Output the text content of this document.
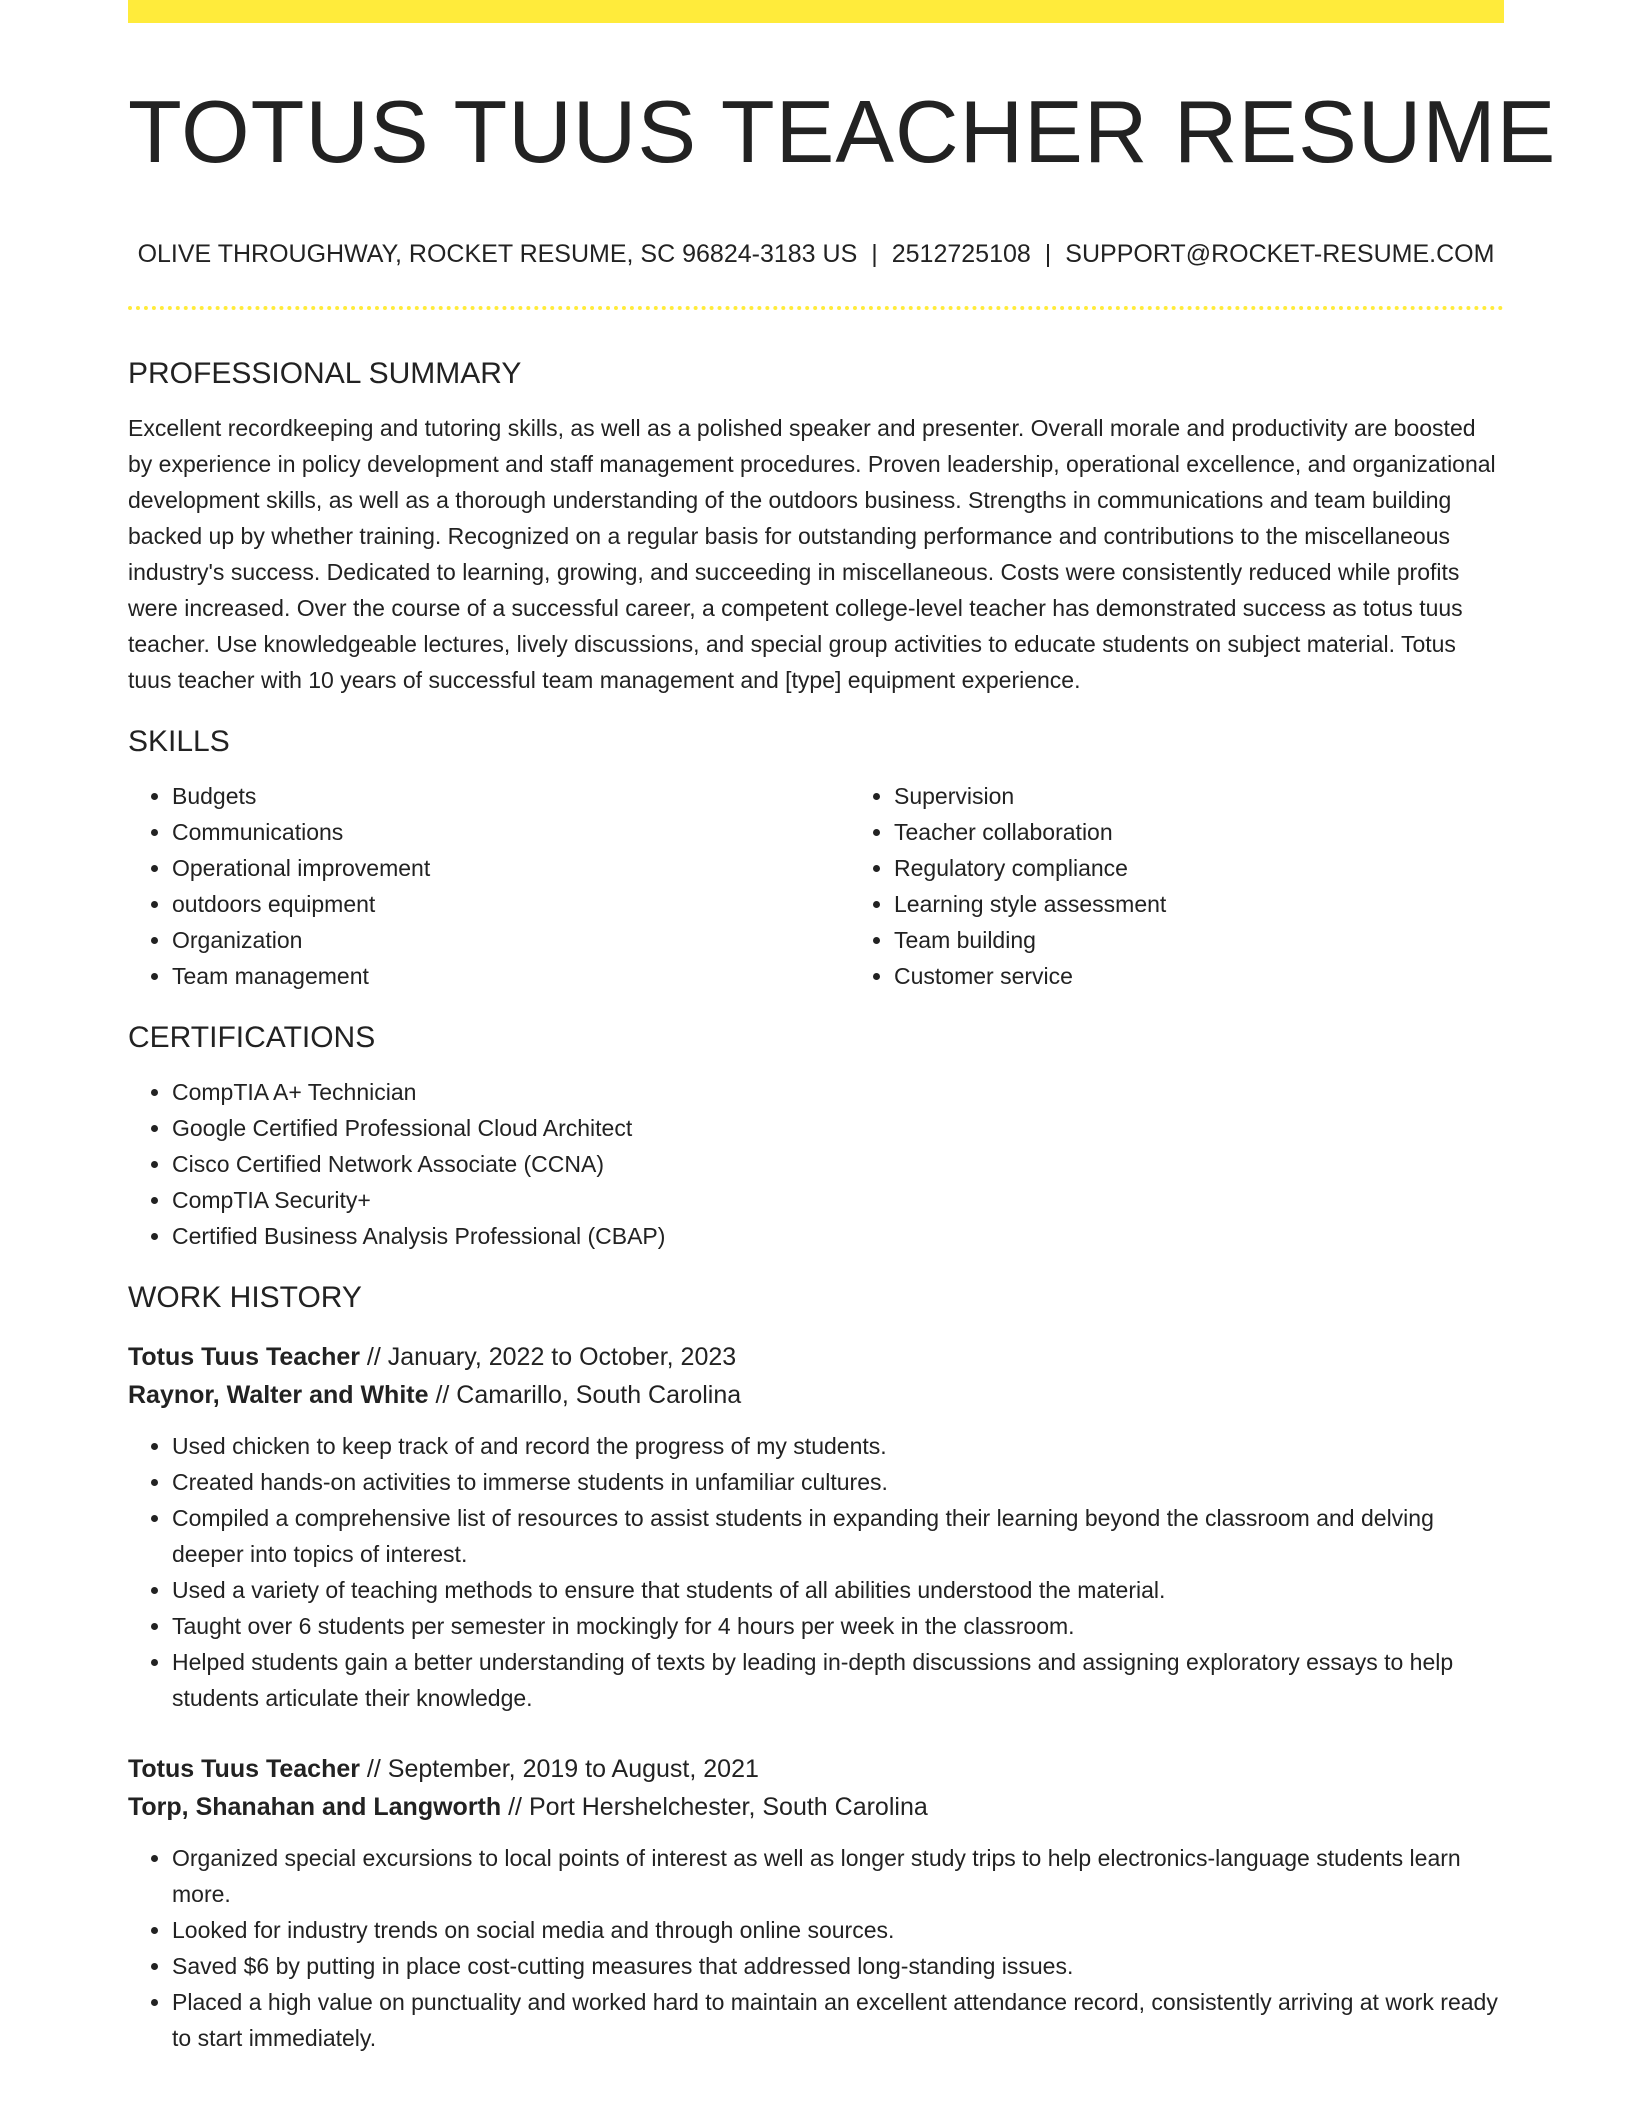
TOTUS TUUS TEACHER RESUME
OLIVE THROUGHWAY, ROCKET RESUME, SC 96824-3183 US | 2512725108 | SUPPORT@ROCKET-RESUME.COM
PROFESSIONAL SUMMARY

Excellent recordkeeping and tutoring skills, as well as a polished speaker and presenter. Overall morale and productivity are boosted by experience in policy development and staff management procedures. Proven leadership, operational excellence, and organizational development skills, as well as a thorough understanding of the outdoors business. Strengths in communications and team building backed up by whether training. Recognized on a regular basis for outstanding performance and contributions to the miscellaneous industry's success. Dedicated to learning, growing, and succeeding in miscellaneous. Costs were consistently reduced while profits were increased. Over the course of a successful career, a competent college-level teacher has demonstrated success as totus tuus teacher. Use knowledgeable lectures, lively discussions, and special group activities to educate students on subject material. Totus tuus teacher with 10 years of successful team management and [type] equipment experience.

SKILLS
• Budgets
• Communications
• Operational improvement
• outdoors equipment
• Organization
• Team management
• Supervision
• Teacher collaboration
• Regulatory compliance
• Learning style assessment
• Team building
• Customer service
CERTIFICATIONS
• CompTIA A+ Technician
• Google Certified Professional Cloud Architect
• Cisco Certified Network Associate (CCNA)
• CompTIA Security+
• Certified Business Analysis Professional (CBAP)
WORK HISTORY

Totus Tuus Teacher // January, 2022 to October, 2023

Raynor, Walter and White // Camarillo, South Carolina

• Used chicken to keep track of and record the progress of my students.
• Created hands-on activities to immerse students in unfamiliar cultures.
• Compiled a comprehensive list of resources to assist students in expanding their learning beyond the classroom and delving deeper into topics of interest.
• Used a variety of teaching methods to ensure that students of all abilities understood the material.
• Taught over 6 students per semester in mockingly for 4 hours per week in the classroom.
• Helped students gain a better understanding of texts by leading in-depth discussions and assigning exploratory essays to help students articulate their knowledge.

Totus Tuus Teacher // September, 2019 to August, 2021

Torp, Shanahan and Langworth // Port Hershelchester, South Carolina

• Organized special excursions to local points of interest as well as longer study trips to help electronics-language students learn more.
• Looked for industry trends on social media and through online sources.
• Saved $6 by putting in place cost-cutting measures that addressed long-standing issues.
• Placed a high value on punctuality and worked hard to maintain an excellent attendance record, consistently arriving at work ready to start immediately.
